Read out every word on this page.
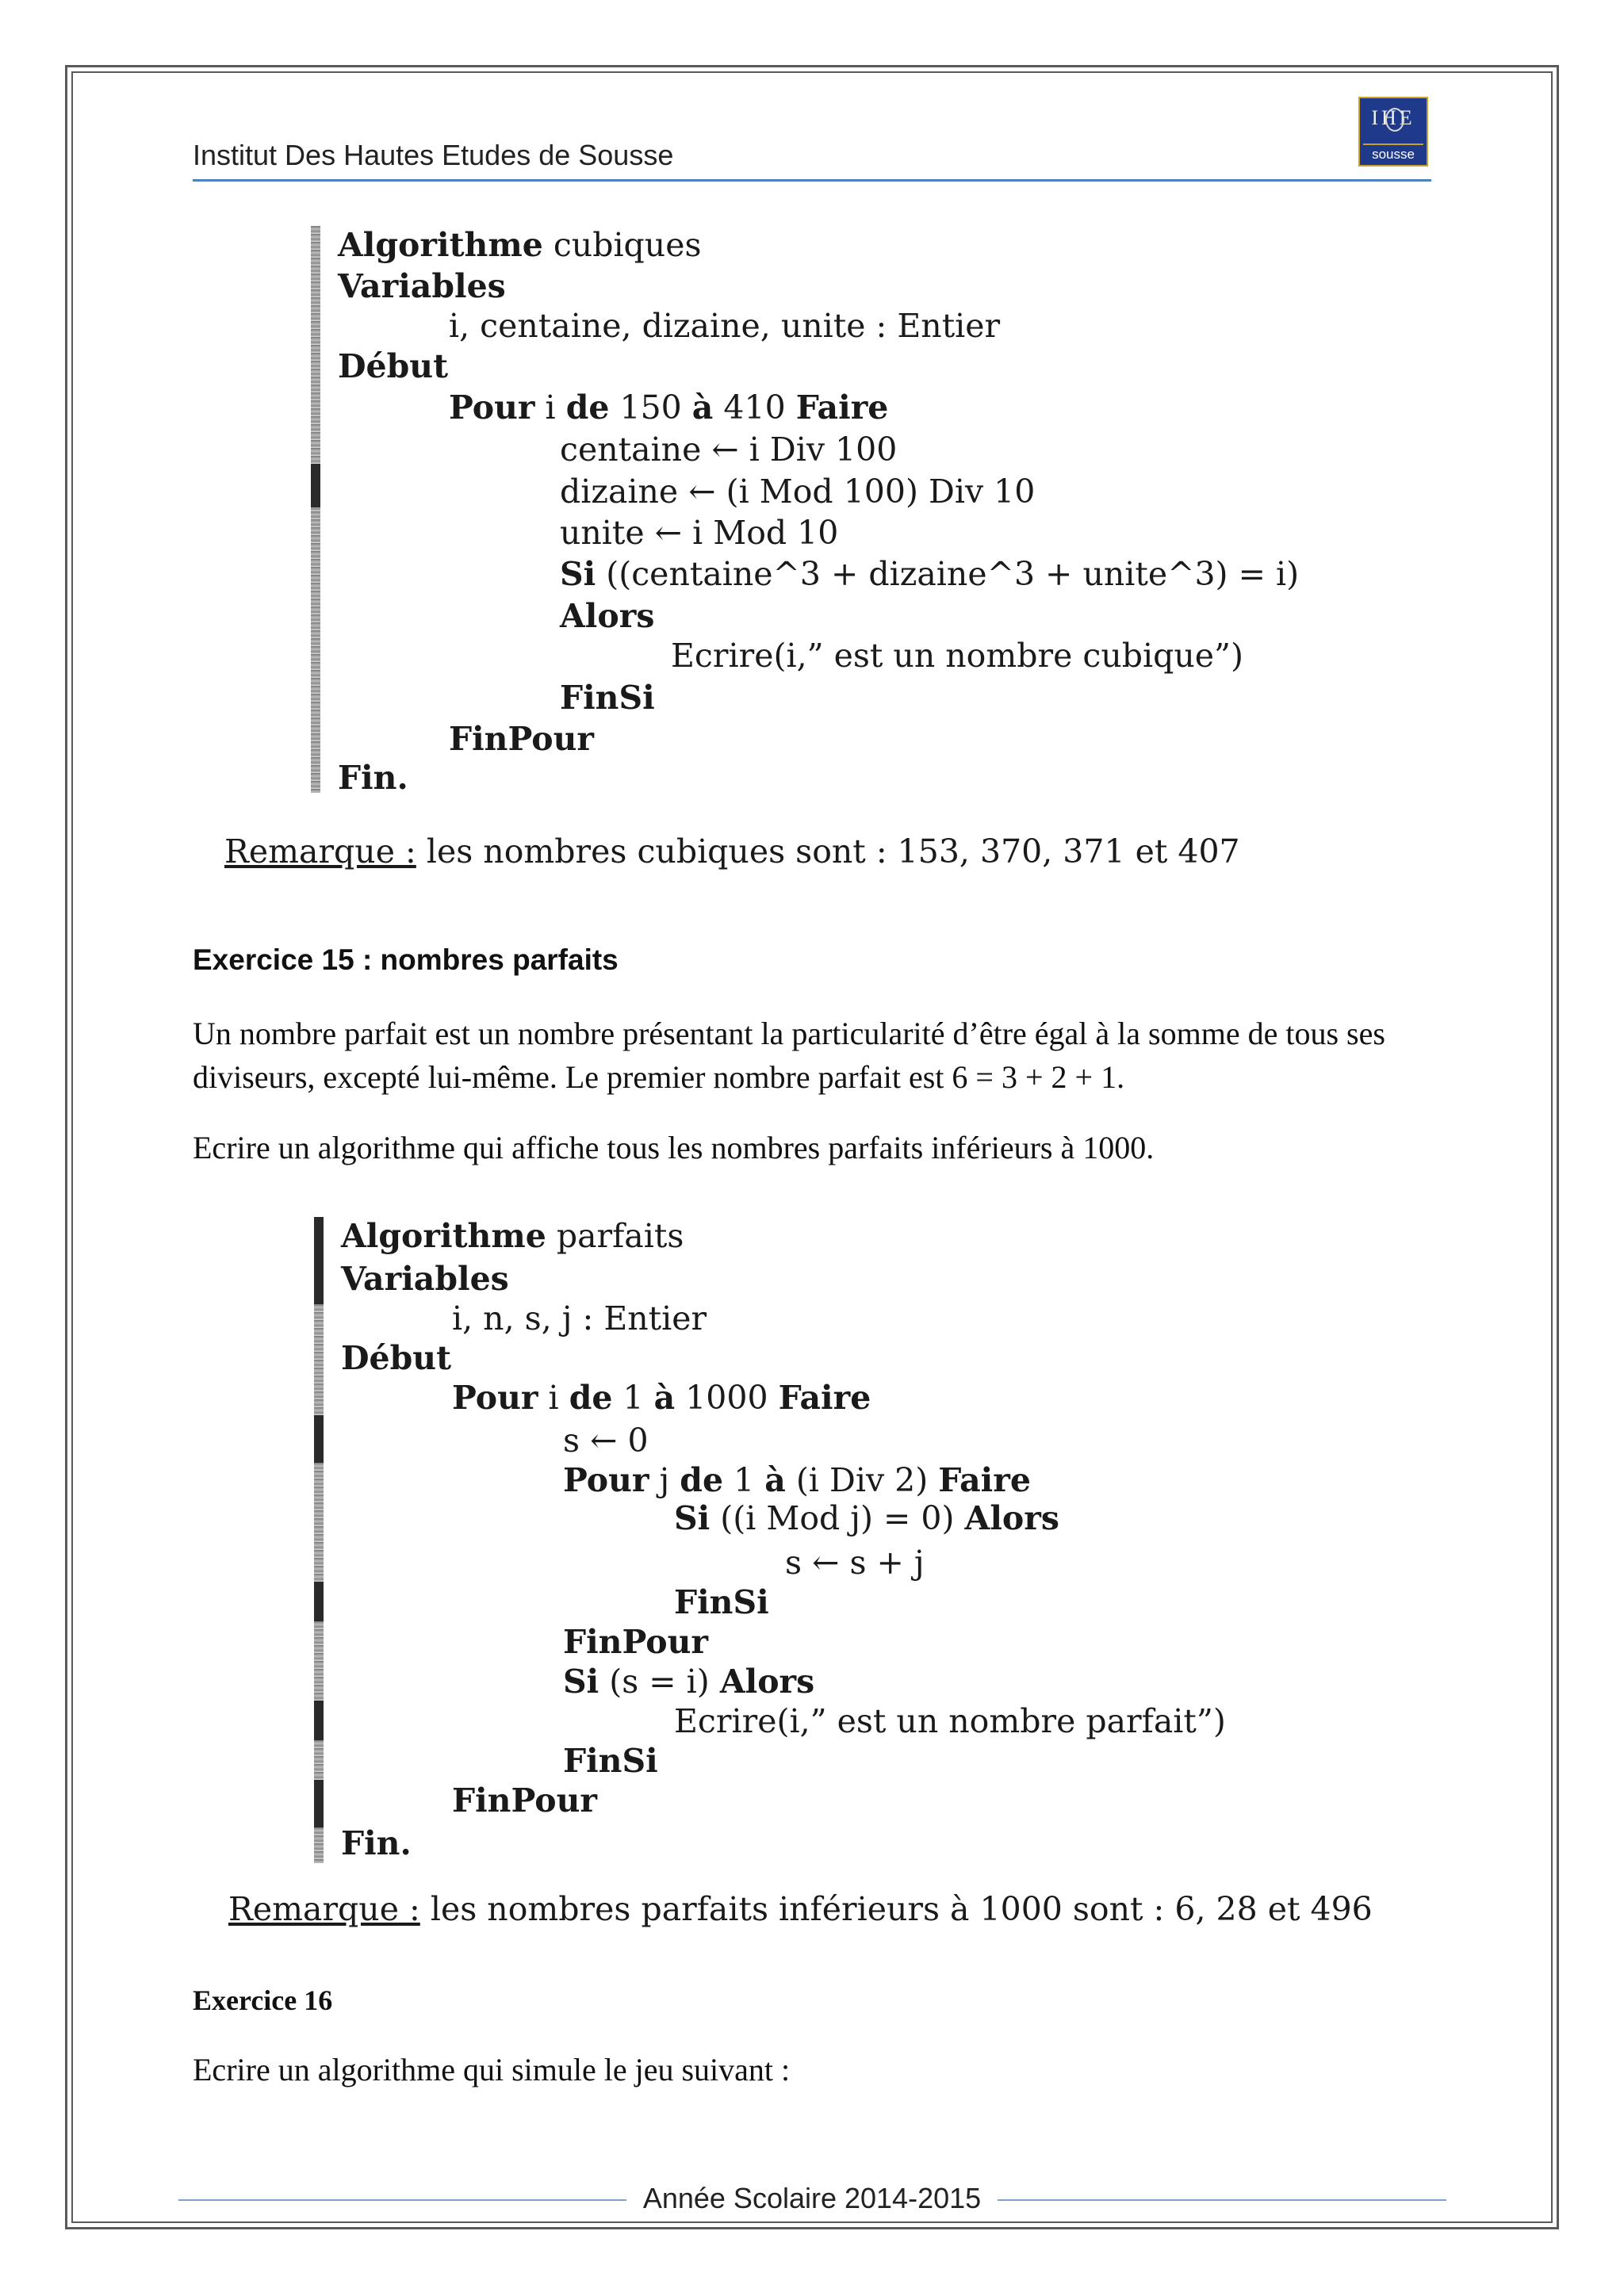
Institut Des Hautes Etudes de Sousse
IHE
sousse
Algorithme cubiques
Variables
i, centaine, dizaine, unite : Entier
Début
Pour i de 150 à 410 Faire
centaine ← i Div 100
dizaine ← (i Mod 100) Div 10
unite ← i Mod 10
Si ((centaine^3 + dizaine^3 + unite^3) = i)
Alors
Ecrire(i,” est un nombre cubique”)
FinSi
FinPour
Fin.
Remarque : les nombres cubiques sont : 153, 370, 371 et 407
Exercice 15 : nombres parfaits
Un nombre parfait est un nombre présentant la particularité d’être égal à la somme de tous ses diviseurs, excepté lui-même. Le premier nombre parfait est 6 = 3 + 2 + 1.
Ecrire un algorithme qui affiche tous les nombres parfaits inférieurs à 1000.
Algorithme parfaits
Variables
i, n, s, j : Entier
Début
Pour i de 1 à 1000 Faire
s ← 0
Pour j de 1 à (i Div 2) Faire
Si ((i Mod j) = 0) Alors
s ← s + j
FinSi
FinPour
Si (s = i) Alors
Ecrire(i,” est un nombre parfait”)
FinSi
FinPour
Fin.
Remarque : les nombres parfaits inférieurs à 1000 sont : 6, 28 et 496
Exercice 16
Ecrire un algorithme qui simule le jeu suivant :
Année Scolaire 2014-2015
